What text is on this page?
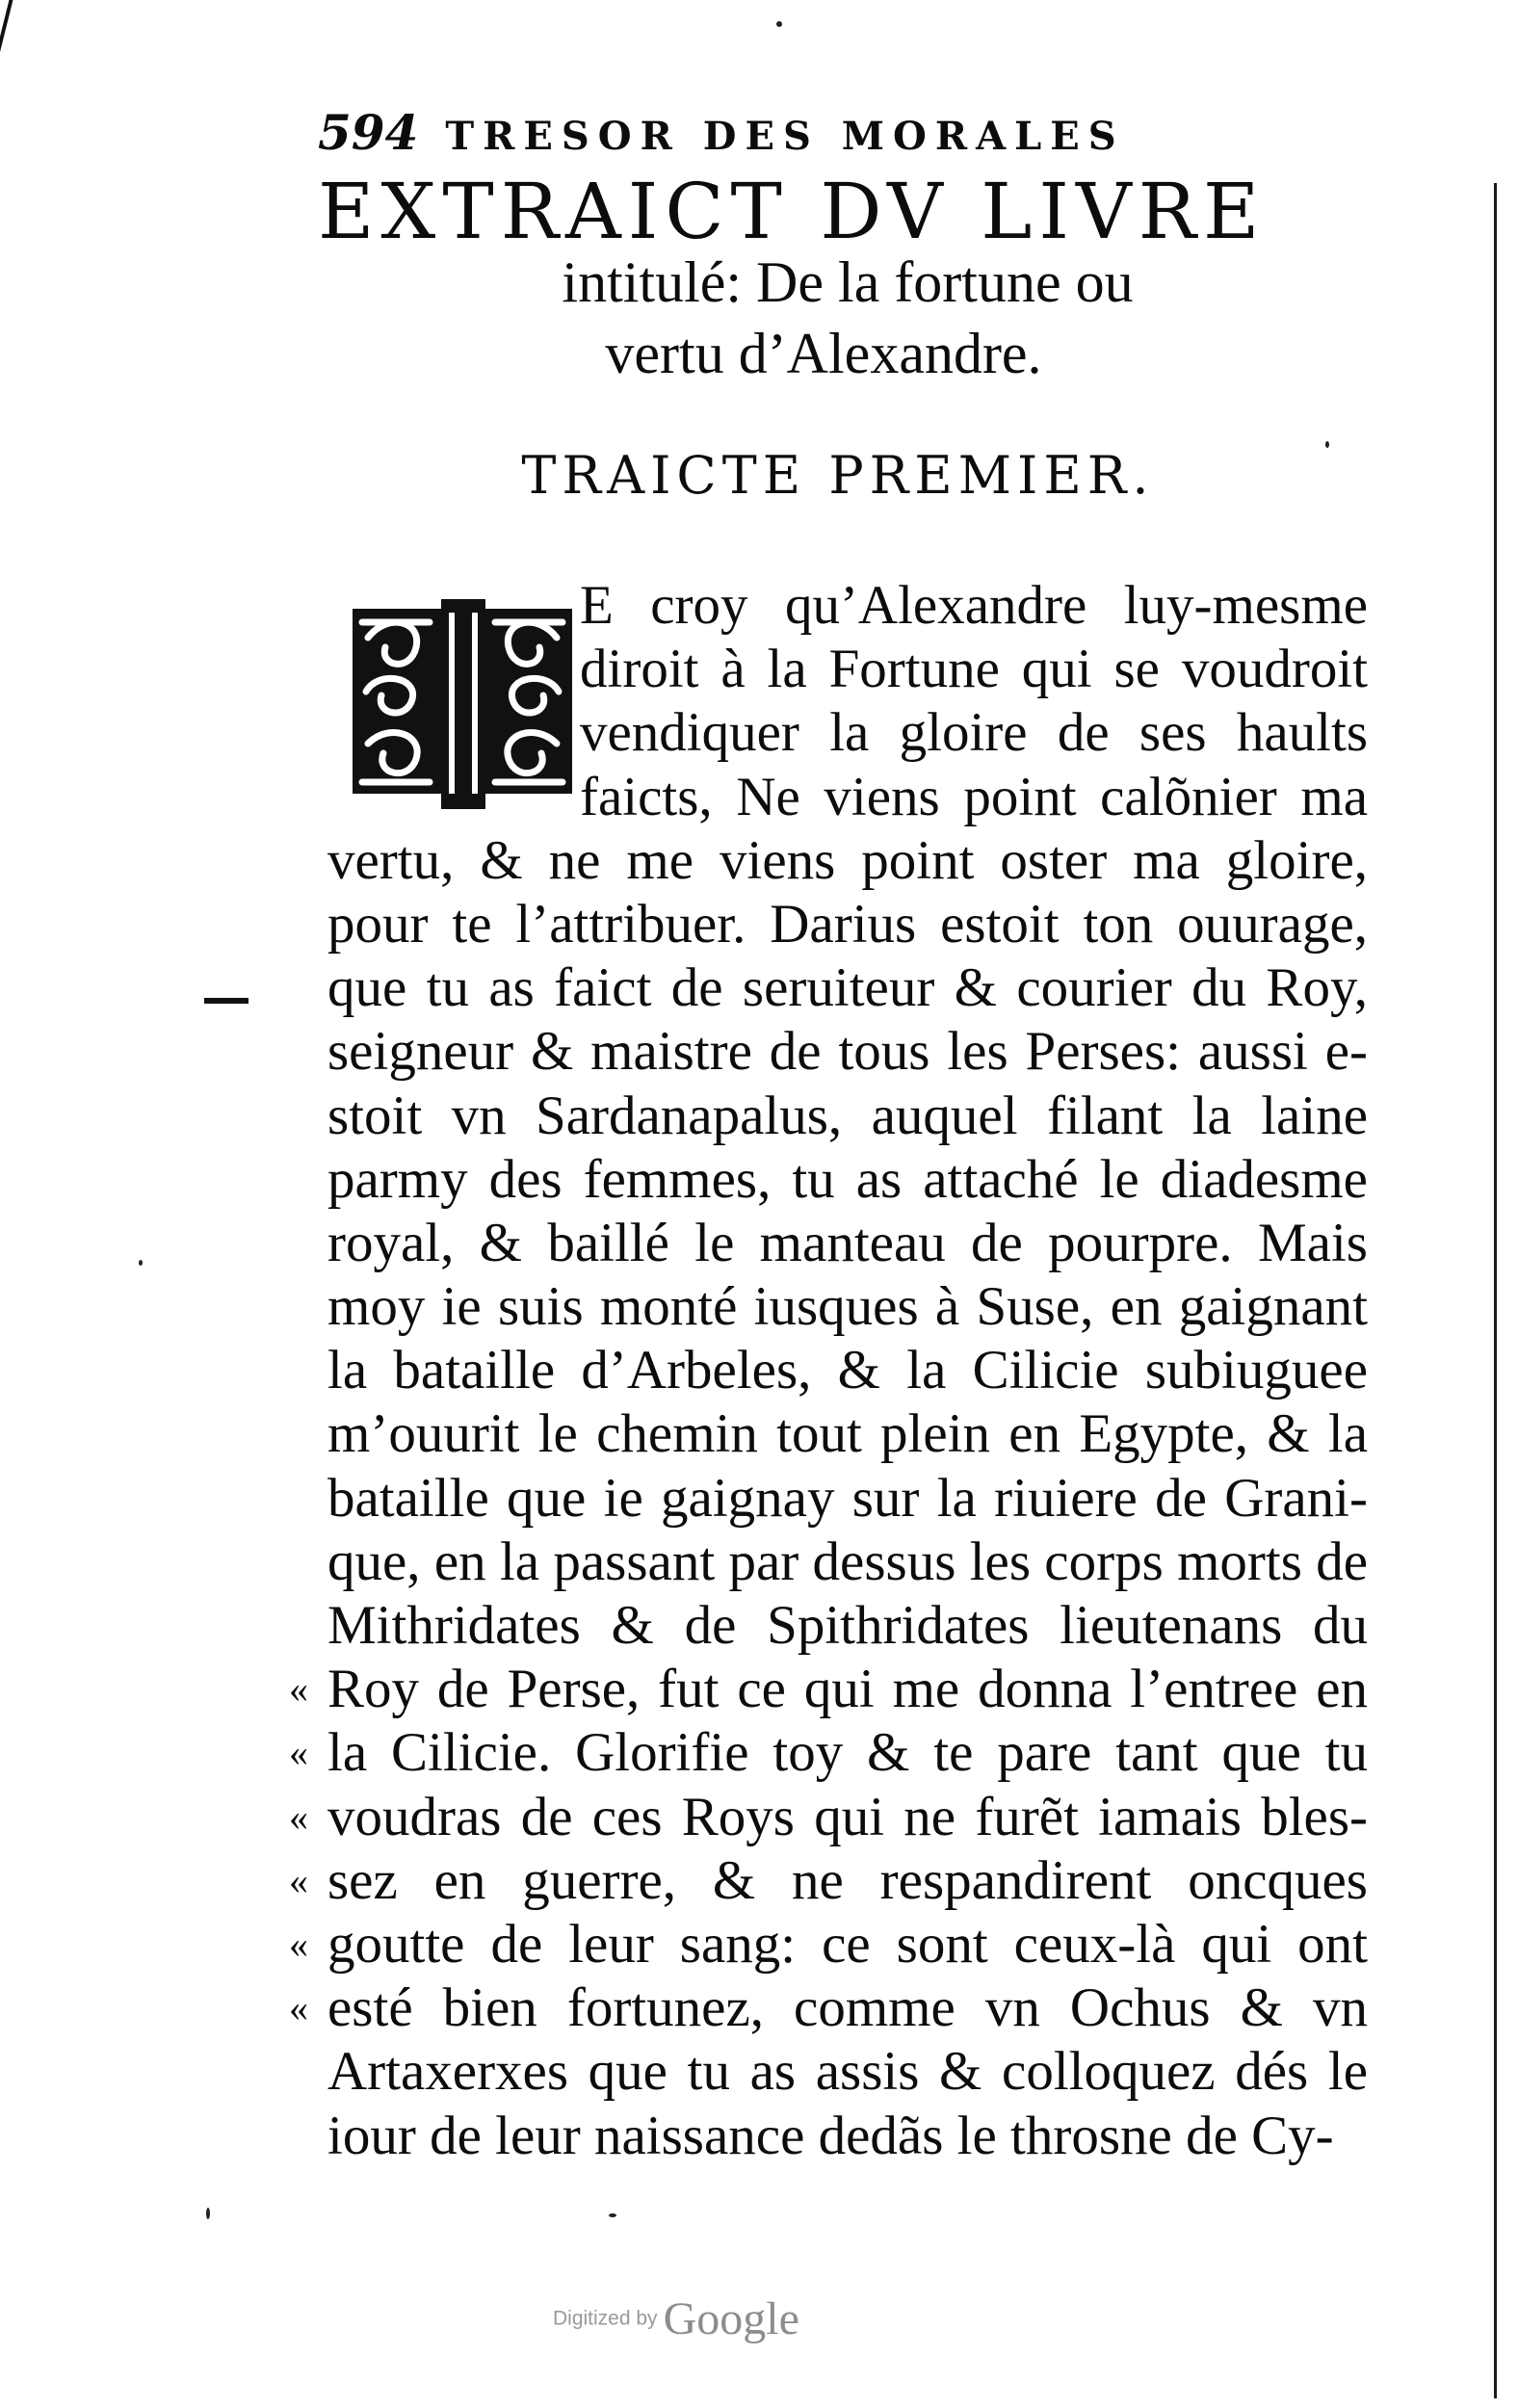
594 TRESOR DES MORALES
EXTRAICT DV LIVRE
intitulé: De la fortune ou
vertu d’Alexandre.
TRAICTE PREMIER.
E croy qu’Alexandre luy-mesme
diroit à la Fortune qui se voudroit
vendiquer la gloire de ses haults
faicts, Ne viens point calõnier ma
vertu, & ne me viens point oster ma gloire,
pour te l’attribuer. Darius estoit ton ouurage,
que tu as faict de seruiteur & courier du Roy,
seigneur & maistre de tous les Perses: aussi e-
stoit vn Sardanapalus, auquel filant la laine
parmy des femmes, tu as attaché le diadesme
royal, & baillé le manteau de pourpre. Mais
moy ie suis monté iusques à Suse, en gaignant
la bataille d’Arbeles, & la Cilicie subiuguee
m’ouurit le chemin tout plein en Egypte, & la
bataille que ie gaignay sur la riuiere de Grani-
que, en la passant par dessus les corps morts de
Mithridates & de Spithridates lieutenans du
« Roy de Perse, fut ce qui me donna l’entree en
« la Cilicie. Glorifie toy & te pare tant que tu
« voudras de ces Roys qui ne furẽt iamais bles-
« sez en guerre, & ne respandirent oncques
« goutte de leur sang: ce sont ceux-là qui ont
« esté bien fortunez, comme vn Ochus & vn
Artaxerxes que tu as assis & colloquez dés le
iour de leur naissance dedãs le throsne de Cy-
Digitized by Google
